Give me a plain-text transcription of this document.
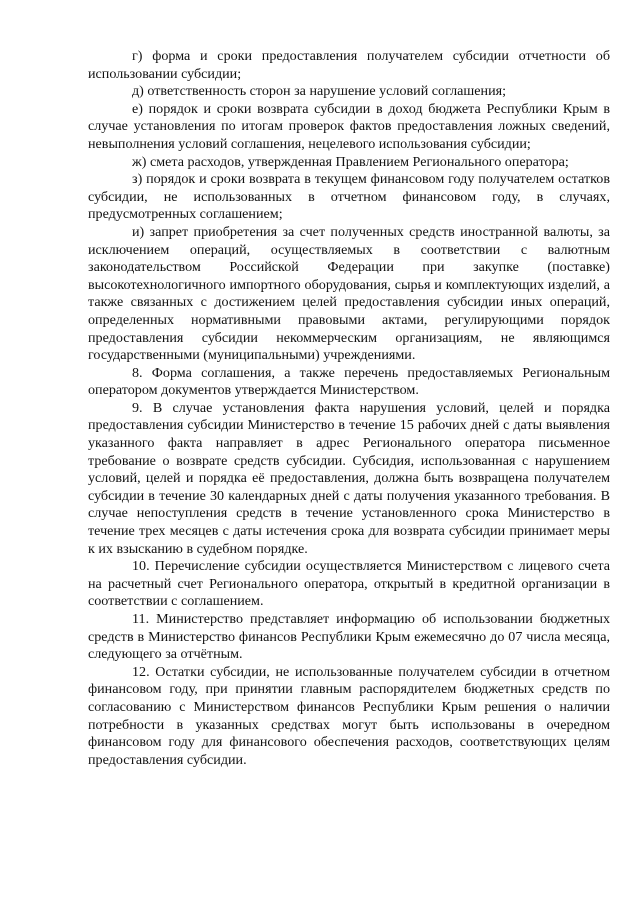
г) форма и сроки предоставления получателем субсидии отчетности об использовании субсидии;

д) ответственность сторон за нарушение условий соглашения;

е) порядок и сроки возврата субсидии в доход бюджета Республики Крым в случае установления по итогам проверок фактов предоставления ложных сведений, невыполнения условий соглашения, нецелевого использования субсидии;

ж) смета расходов, утвержденная Правлением Регионального оператора;

з) порядок и сроки возврата в текущем финансовом году получателем остатков субсидии, не использованных в отчетном финансовом году, в случаях, предусмотренных соглашением;

и) запрет приобретения за счет полученных средств иностранной валюты, за исключением операций, осуществляемых в соответствии с валютным законодательством Российской Федерации при закупке (поставке) высокотехнологичного импортного оборудования, сырья и комплектующих изделий, а также связанных с достижением целей предоставления субсидии иных операций, определенных нормативными правовыми актами, регулирующими порядок предоставления субсидии некоммерческим организациям, не являющимся государственными (муниципальными) учреждениями.

8. Форма соглашения, а также перечень предоставляемых Региональным оператором документов утверждается Министерством.

9. В случае установления факта нарушения условий, целей и порядка предоставления субсидии Министерство в течение 15 рабочих дней с даты выявления указанного факта направляет в адрес Регионального оператора письменное требование о возврате средств субсидии. Субсидия, использованная с нарушением условий, целей и порядка её предоставления, должна быть возвращена получателем субсидии в течение 30 календарных дней с даты получения указанного требования. В случае непоступления средств в течение установленного срока Министерство в течение трех месяцев с даты истечения срока для возврата субсидии принимает меры к их взысканию в судебном порядке.

10. Перечисление субсидии осуществляется Министерством с лицевого счета на расчетный счет Регионального оператора, открытый в кредитной организации в соответствии с соглашением.

11. Министерство представляет информацию об использовании бюджетных средств в Министерство финансов Республики Крым ежемесячно до 07 числа месяца, следующего за отчётным.

12. Остатки субсидии, не использованные получателем субсидии в отчетном финансовом году, при принятии главным распорядителем бюджетных средств по согласованию с Министерством финансов Республики Крым решения о наличии потребности в указанных средствах могут быть использованы в очередном финансовом году для финансового обеспечения расходов, соответствующих целям предоставления субсидии.
